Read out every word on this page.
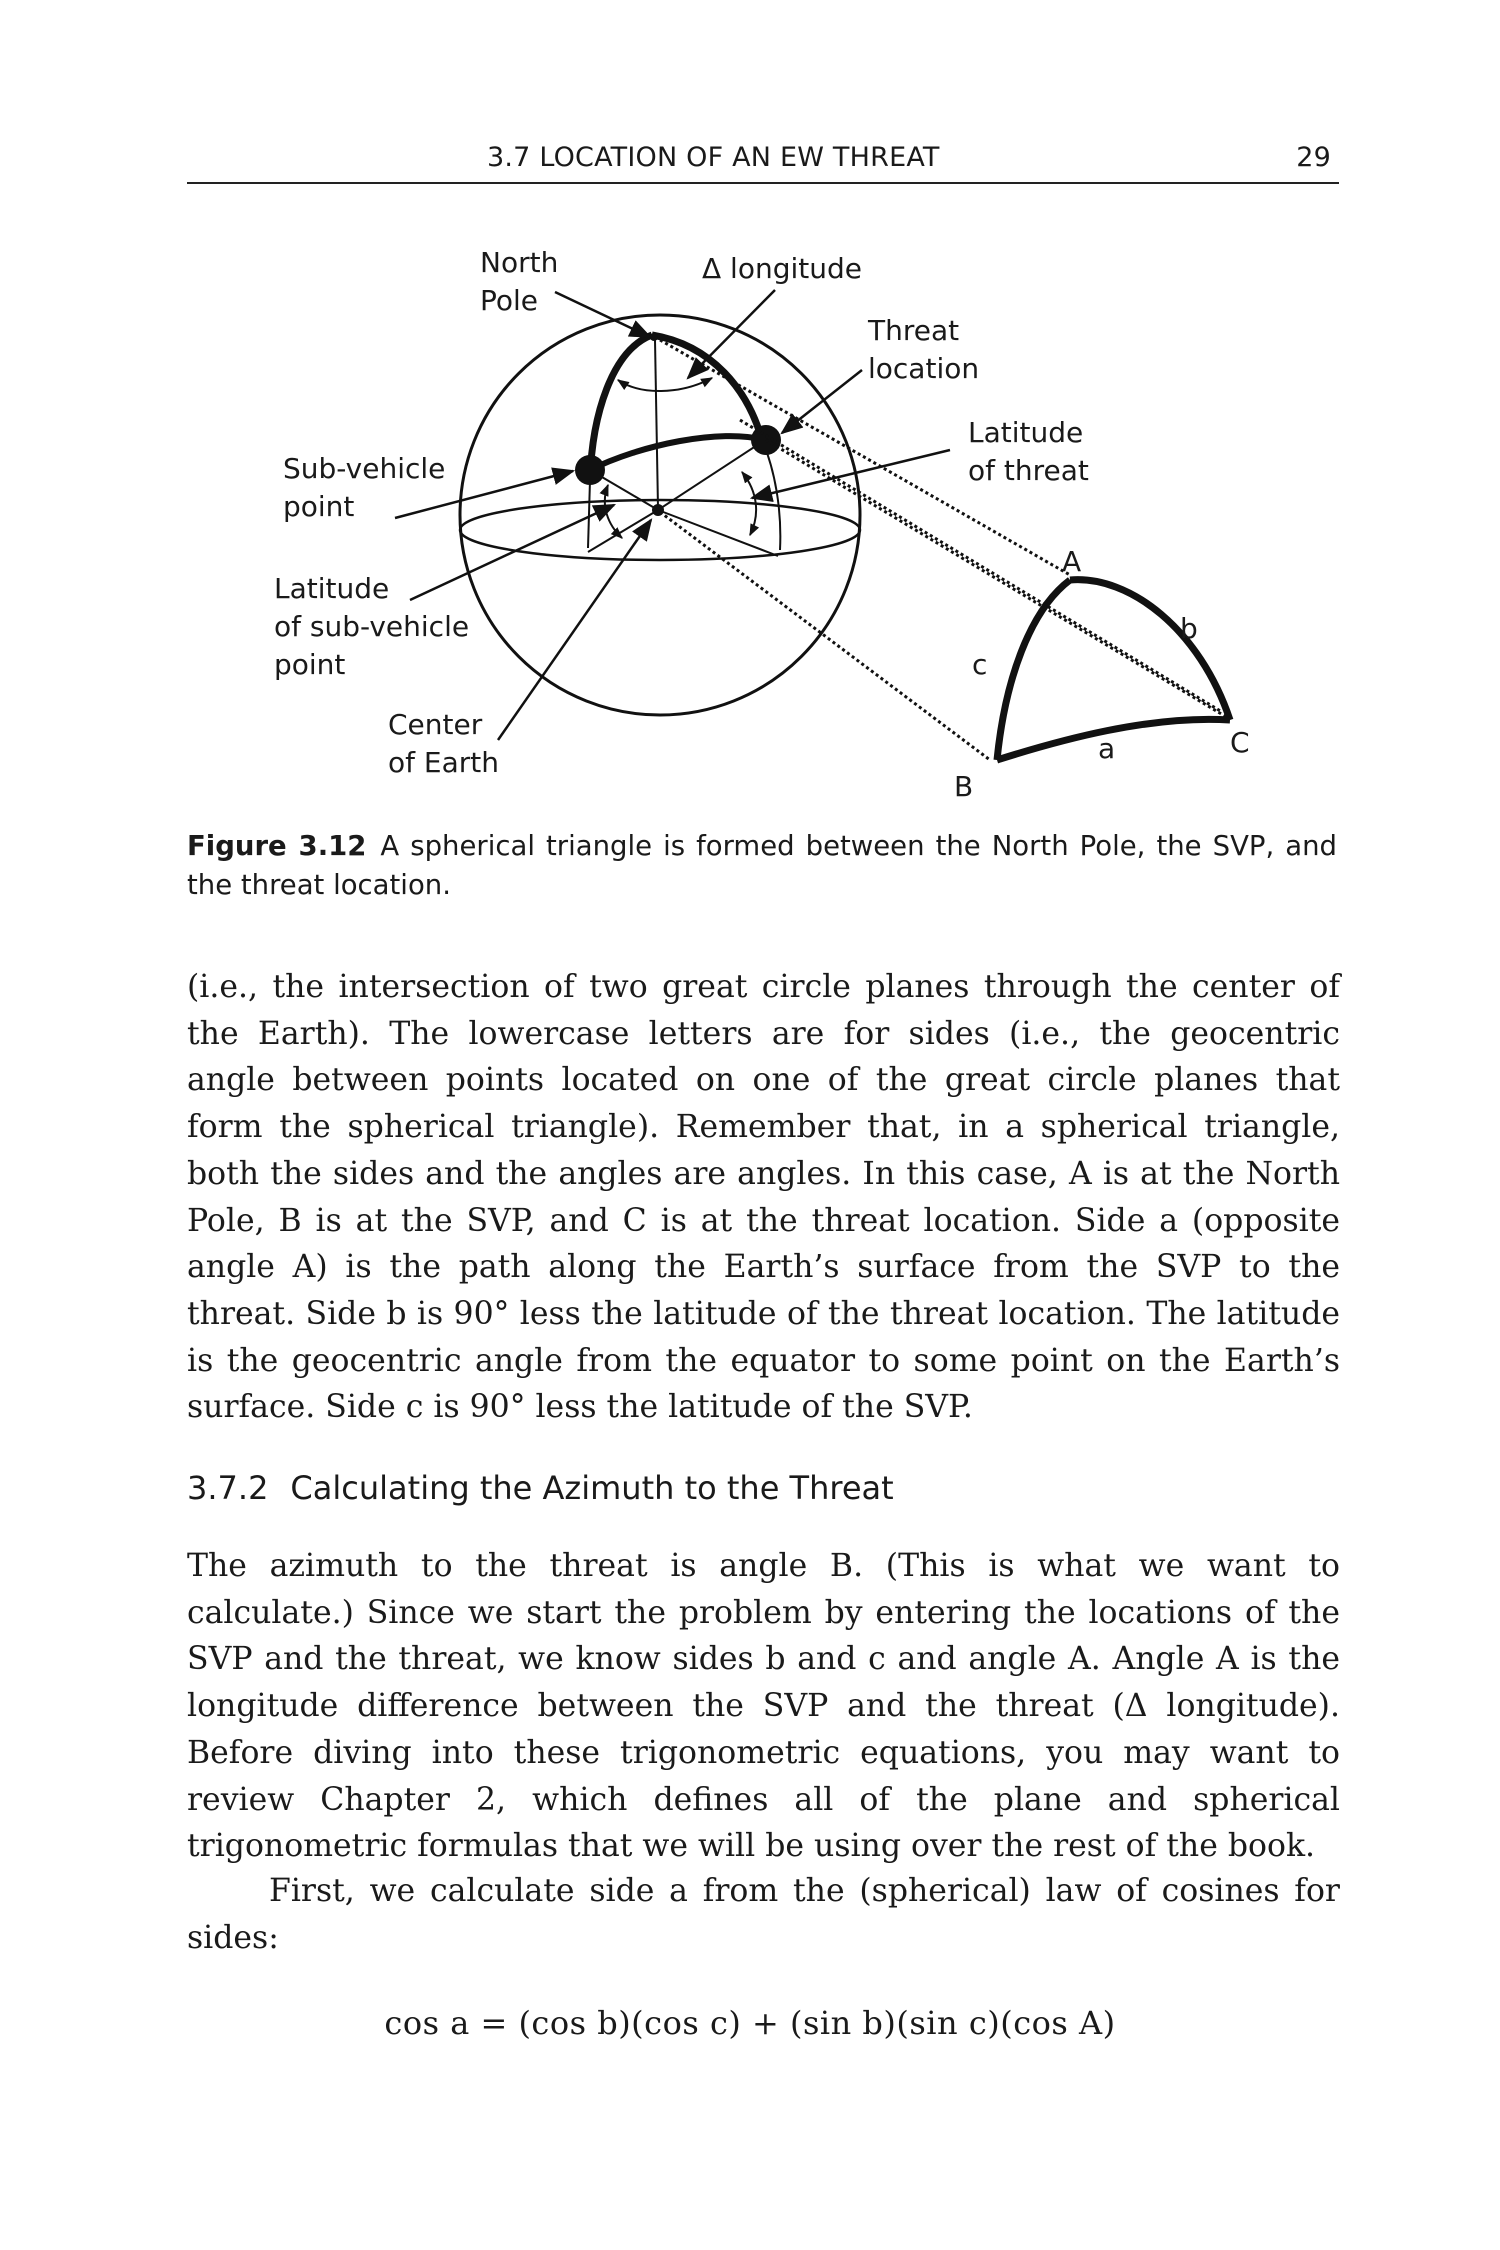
3.7 LOCATION OF AN EW THREAT	29
North
Pole
Δ longitude
Threat
location
Latitude
of threat
Sub-vehicle
point
Latitude
of sub-vehicle
point
Center
of Earth
A
B
C
a
b
c
Figure 3.12 A spherical triangle is formed between the North Pole, the SVP, and the threat location.

(i.e., the intersection of two great circle planes through the center of the Earth). The lowercase letters are for sides (i.e., the geocentric angle between points located on one of the great circle planes that form the spherical triangle). Remember that, in a spherical triangle, both the sides and the angles are angles. In this case, A is at the North Pole, B is at the SVP, and C is at the threat location. Side a (opposite angle A) is the path along the Earth’s surface from the SVP to the threat. Side b is 90° less the latitude of the threat location. The latitude is the geocentric angle from the equator to some point on the Earth’s surface. Side c is 90° less the latitude of the SVP.

3.7.2 Calculating the Azimuth to the Threat

The azimuth to the threat is angle B. (This is what we want to calculate.) Since we start the problem by entering the locations of the SVP and the threat, we know sides b and c and angle A. Angle A is the longitude difference between the SVP and the threat (Δ longitude). Before diving into these trigonometric equations, you may want to review Chapter 2, which defines all of the plane and spherical trigonometric formulas that we will be using over the rest of the book.

First, we calculate side a from the (spherical) law of cosines for sides:

cos a = (cos b)(cos c) + (sin b)(sin c)(cos A)
